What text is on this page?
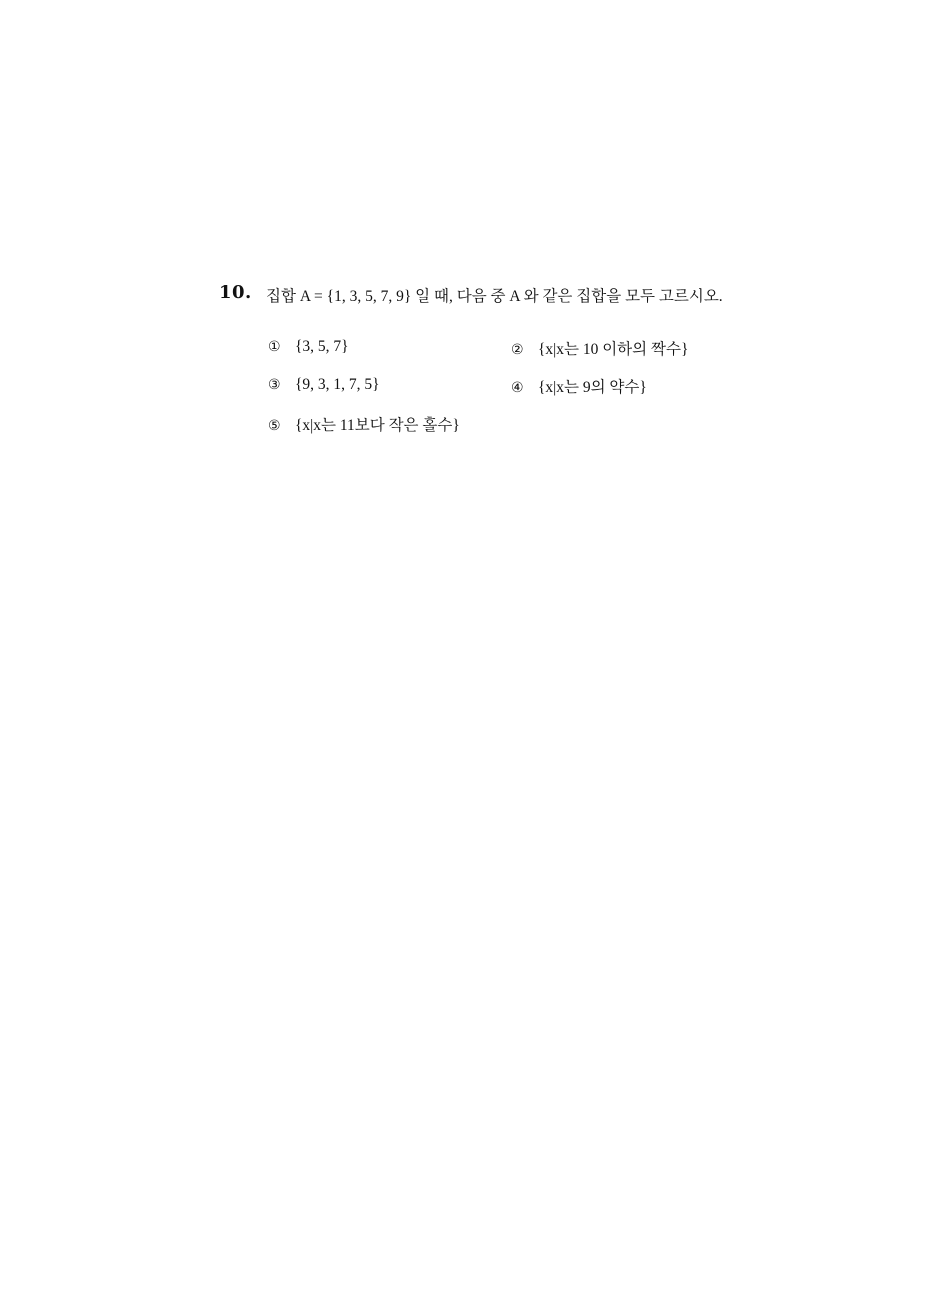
10. 집합 A = {1, 3, 5, 7, 9} 일 때, 다음 중 A 와 같은 집합을 모두 고르시오.
① {3, 5, 7}	② {x|x는 10 이하의 짝수}
③ {9, 3, 1, 7, 5}	④ {x|x는 9의 약수}
⑤ {x|x는 11보다 작은 홀수}
